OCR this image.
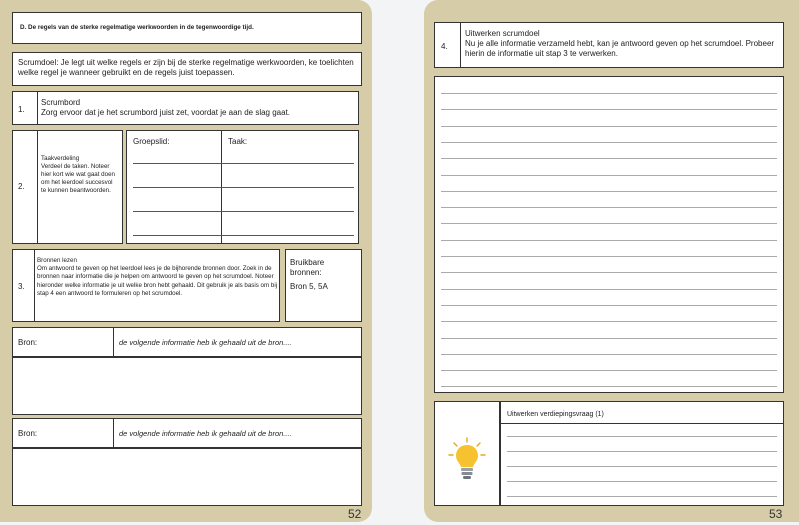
D. De regels van de sterke regelmatige werkwoorden in de tegenwoordige tijd.
Scrumdoel: Je legt uit welke regels er zijn bij de sterke regelmatige werkwoorden, ke toelichten welke regel je wanneer gebruikt en de regels juist toepassen.
1.
Scrumbord
Zorg ervoor dat je het scrumbord juist zet, voordat je aan de slag gaat.
2.
Taakverdeling
Verdeel de taken. Noteer hier kort wie wat gaat doen om het leerdoel succesvol te kunnen beantwoorden.
Groepslid:	Taak:
3.
Bronnen lezen
Om antwoord te geven op het leerdoel lees je de bijhorende bronnen door. Zoek in de bronnen naar informatie die je helpen om antwoord te geven op het scrumdoel. Noteer hieronder welke informatie je uit welke bron hebt gehaald. Dit gebruik je als basis om bij stap 4 een antwoord te formuleren op het scrumdoel.
Bruikbare bronnen:
Bron 5, 5A
Bron:	de volgende informatie heb ik gehaald uit de bron....
Bron:	de volgende informatie heb ik gehaald uit de bron....
52
4.
Uitwerken scrumdoel
Nu je alle informatie verzameld hebt, kan je antwoord geven op het scrumdoel. Probeer hierin de informatie uit stap 3 te verwerken.
Uitwerken verdiepingsvraag (1)
53
